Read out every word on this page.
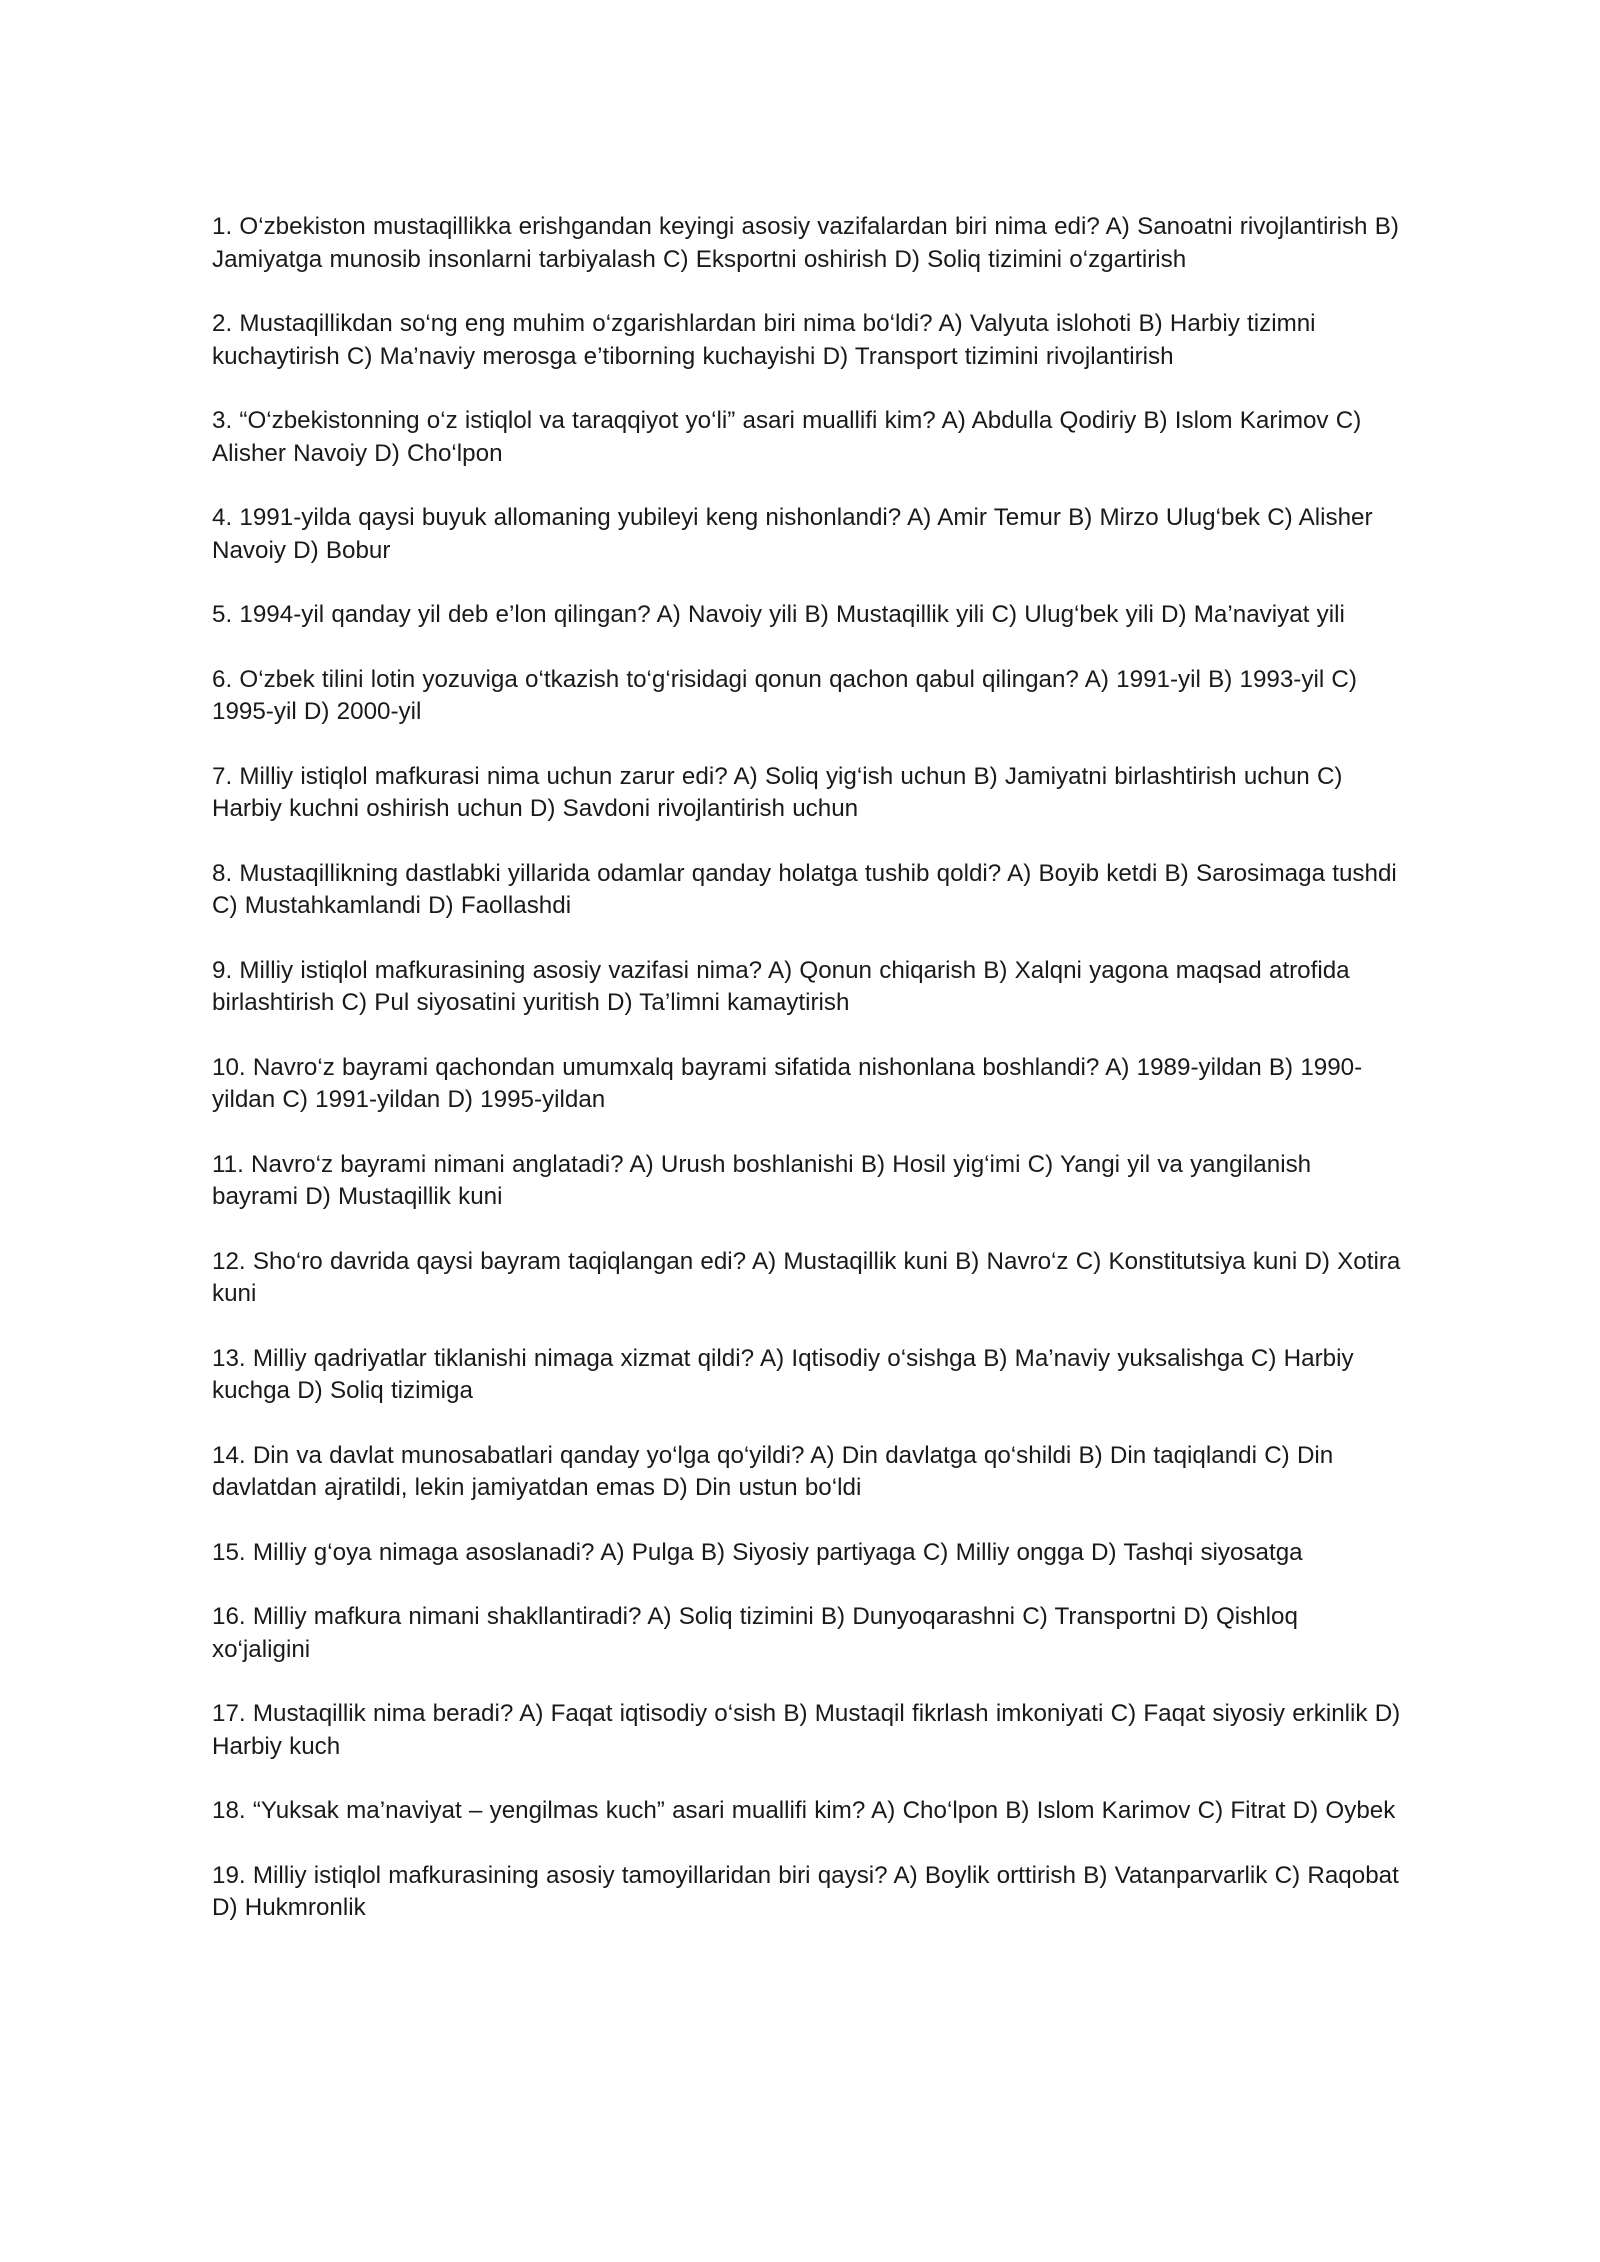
1. O‘zbekiston mustaqillikka erishgandan keyingi asosiy vazifalardan biri nima edi? A) Sanoatni rivojlantirish B) Jamiyatga munosib insonlarni tarbiyalash C) Eksportni oshirish D) Soliq tizimini o‘zgartirish
2. Mustaqillikdan so‘ng eng muhim o‘zgarishlardan biri nima bo‘ldi? A) Valyuta islohoti B) Harbiy tizimni kuchaytirish C) Ma’naviy merosga e’tiborning kuchayishi D) Transport tizimini rivojlantirish
3. “O‘zbekistonning o‘z istiqlol va taraqqiyot yo‘li” asari muallifi kim? A) Abdulla Qodiriy B) Islom Karimov C) Alisher Navoiy D) Cho‘lpon
4. 1991-yilda qaysi buyuk allomaning yubileyi keng nishonlandi? A) Amir Temur B) Mirzo Ulug‘bek C) Alisher Navoiy D) Bobur
5. 1994-yil qanday yil deb e’lon qilingan? A) Navoiy yili B) Mustaqillik yili C) Ulug‘bek yili D) Ma’naviyat yili
6. O‘zbek tilini lotin yozuviga o‘tkazish to‘g‘risidagi qonun qachon qabul qilingan? A) 1991-yil B) 1993-yil C) 1995-yil D) 2000-yil
7. Milliy istiqlol mafkurasi nima uchun zarur edi? A) Soliq yig‘ish uchun B) Jamiyatni birlashtirish uchun C) Harbiy kuchni oshirish uchun D) Savdoni rivojlantirish uchun
8. Mustaqillikning dastlabki yillarida odamlar qanday holatga tushib qoldi? A) Boyib ketdi B) Sarosimaga tushdi C) Mustahkamlandi D) Faollashdi
9. Milliy istiqlol mafkurasining asosiy vazifasi nima? A) Qonun chiqarish B) Xalqni yagona maqsad atrofida birlashtirish C) Pul siyosatini yuritish D) Ta’limni kamaytirish
10. Navro‘z bayrami qachondan umumxalq bayrami sifatida nishonlana boshlandi? A) 1989-yildan B) 1990-yildan C) 1991-yildan D) 1995-yildan
11. Navro‘z bayrami nimani anglatadi? A) Urush boshlanishi B) Hosil yig‘imi C) Yangi yil va yangilanish bayrami D) Mustaqillik kuni
12. Sho‘ro davrida qaysi bayram taqiqlangan edi? A) Mustaqillik kuni B) Navro‘z C) Konstitutsiya kuni D) Xotira kuni
13. Milliy qadriyatlar tiklanishi nimaga xizmat qildi? A) Iqtisodiy o‘sishga B) Ma’naviy yuksalishga C) Harbiy kuchga D) Soliq tizimiga
14. Din va davlat munosabatlari qanday yo‘lga qo‘yildi? A) Din davlatga qo‘shildi B) Din taqiqlandi C) Din davlatdan ajratildi, lekin jamiyatdan emas D) Din ustun bo‘ldi
15. Milliy g‘oya nimaga asoslanadi? A) Pulga B) Siyosiy partiyaga C) Milliy ongga D) Tashqi siyosatga
16. Milliy mafkura nimani shakllantiradi? A) Soliq tizimini B) Dunyoqarashni C) Transportni D) Qishloq xo‘jaligini
17. Mustaqillik nima beradi? A) Faqat iqtisodiy o‘sish B) Mustaqil fikrlash imkoniyati C) Faqat siyosiy erkinlik D) Harbiy kuch
18. “Yuksak ma’naviyat – yengilmas kuch” asari muallifi kim? A) Cho‘lpon B) Islom Karimov C) Fitrat D) Oybek
19. Milliy istiqlol mafkurasining asosiy tamoyillaridan biri qaysi? A) Boylik orttirish B) Vatanparvarlik C) Raqobat D) Hukmronlik
